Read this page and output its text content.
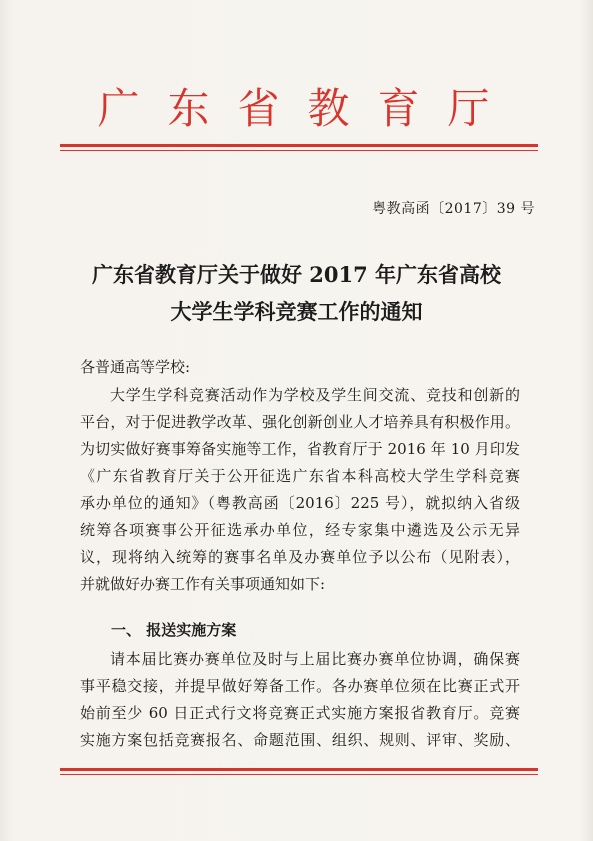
广东省教育厅
粤教高函〔2017〕39 号
广东省教育厅关于做好 2017 年广东省高校
大学生学科竞赛工作的通知
各普通高等学校:
大学生学科竞赛活动作为学校及学生间交流、竞技和创新的
平台，对于促进教学改革、强化创新创业人才培养具有积极作用。
为切实做好赛事筹备实施等工作，省教育厅于 2016 年 10 月印发
《广东省教育厅关于公开征选广东省本科高校大学生学科竞赛
承办单位的通知》（粤教高函〔2016〕225 号），就拟纳入省级
统筹各项赛事公开征选承办单位，经专家集中遴选及公示无异
议，现将纳入统筹的赛事名单及办赛单位予以公布（见附表），
并就做好办赛工作有关事项通知如下:
一、 报送实施方案
请本届比赛办赛单位及时与上届比赛办赛单位协调，确保赛
事平稳交接，并提早做好筹备工作。各办赛单位须在比赛正式开
始前至少 60 日正式行文将竞赛正式实施方案报省教育厅。竞赛
实施方案包括竞赛报名、命题范围、组织、规则、评审、奖励、
